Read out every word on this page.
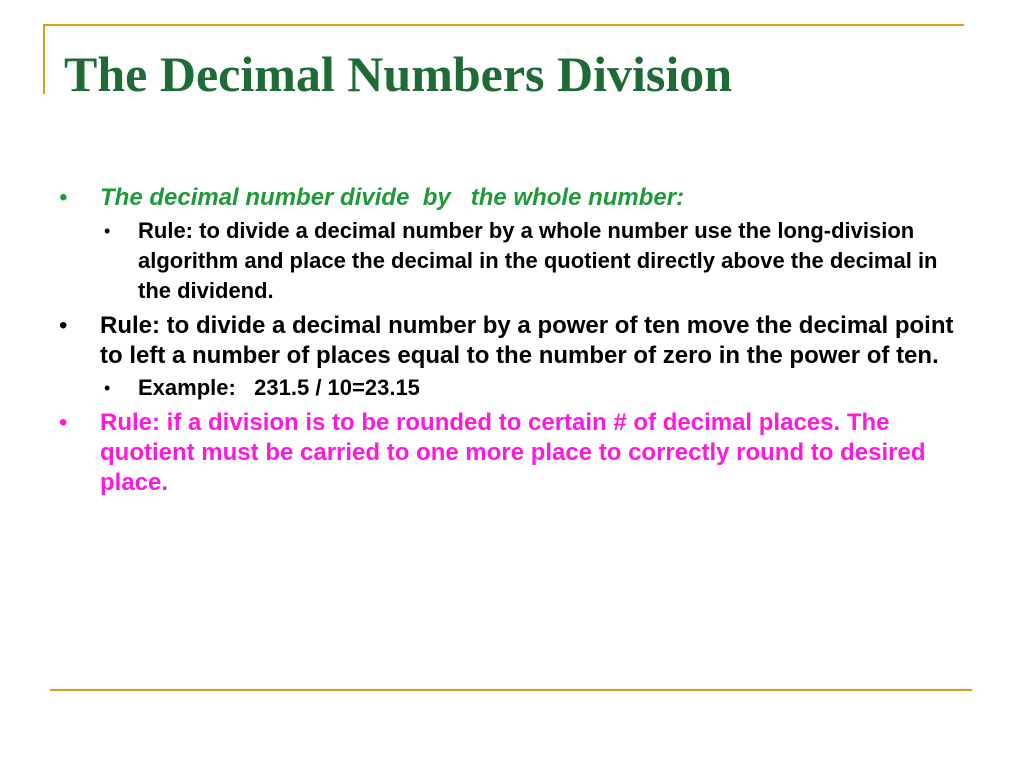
The Decimal Numbers Division
• The decimal number divide  by   the whole number:
• Rule: to divide a decimal number by a whole number use the long-division algorithm and place the decimal in the quotient directly above the decimal in the dividend.
• Rule: to divide a decimal number by a power of ten move the decimal point to left a number of places equal to the number of zero in the power of ten.
• Example:   231.5 / 10=23.15
• Rule: if a division is to be rounded to certain # of decimal places. The quotient must be carried to one more place to correctly round to desired place.
